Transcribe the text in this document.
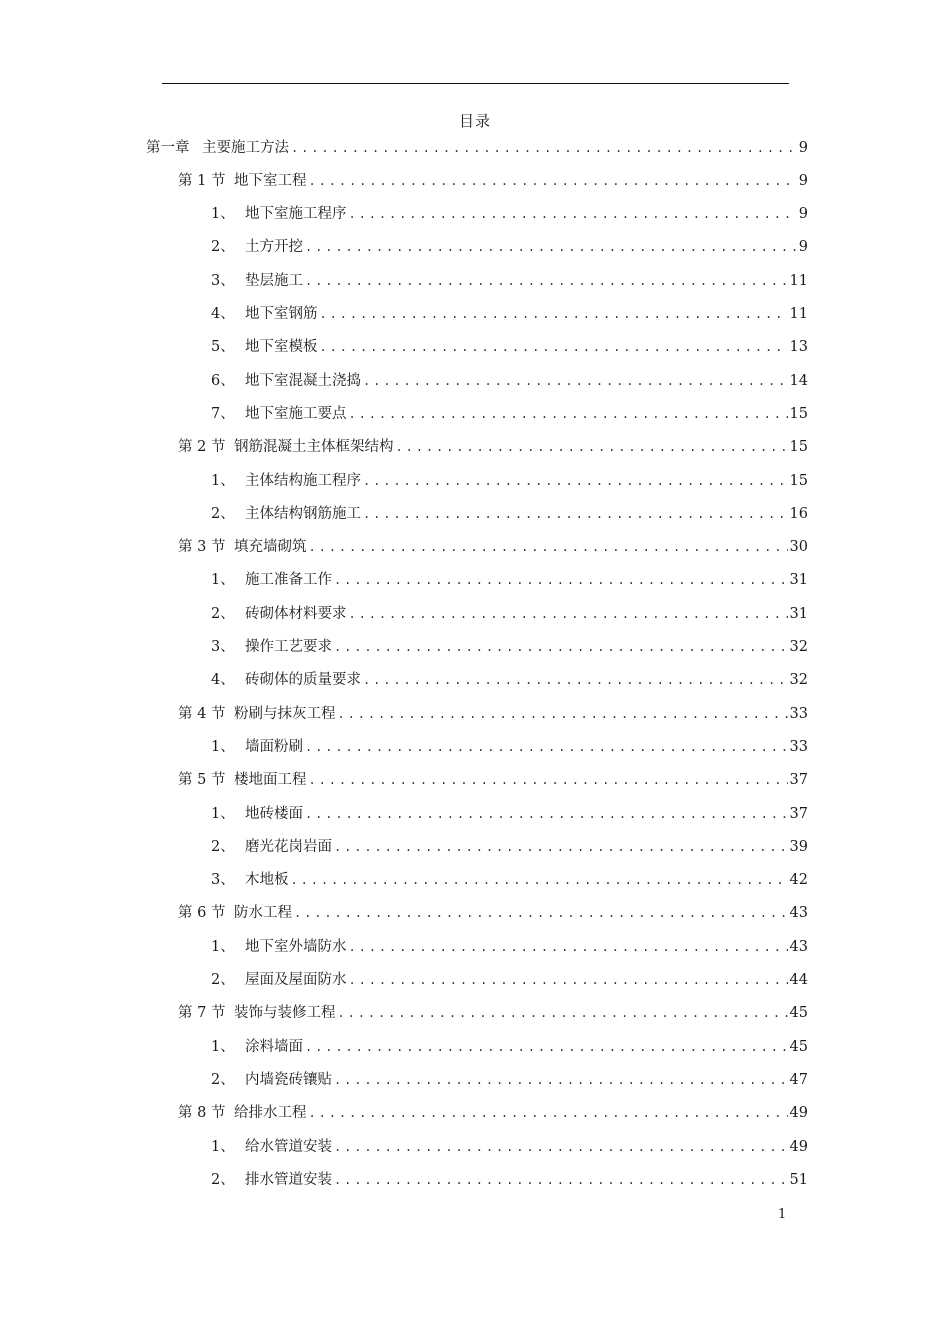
目录
第一章 主要施工方法 .....	9
第 1 节 地下室工程 .....	9
1、 地下室施工程序 .....	9
2、 土方开挖 .....	9
3、 垫层施工 .....	11
4、 地下室钢筋 .....	11
5、 地下室模板 .....	13
6、 地下室混凝土浇捣 .....	14
7、 地下室施工要点 .....	15
第 2 节 钢筋混凝土主体框架结构 .....	15
1、 主体结构施工程序 .....	15
2、 主体结构钢筋施工 .....	16
第 3 节 填充墙砌筑 .....	30
1、 施工准备工作 .....	31
2、 砖砌体材料要求 .....	31
3、 操作工艺要求 .....	32
4、 砖砌体的质量要求 .....	32
第 4 节 粉刷与抹灰工程 .....	33
1、 墙面粉刷 .....	33
第 5 节 楼地面工程 .....	37
1、 地砖楼面 .....	37
2、 磨光花岗岩面 .....	39
3、 木地板 .....	42
第 6 节 防水工程 .....	43
1、 地下室外墙防水 .....	43
2、 屋面及屋面防水 .....	44
第 7 节 装饰与装修工程 .....	45
1、 涂料墙面 .....	45
2、 内墙瓷砖镶贴 .....	47
第 8 节 给排水工程 .....	49
1、 给水管道安装 .....	49
2、 排水管道安装 .....	51
1
